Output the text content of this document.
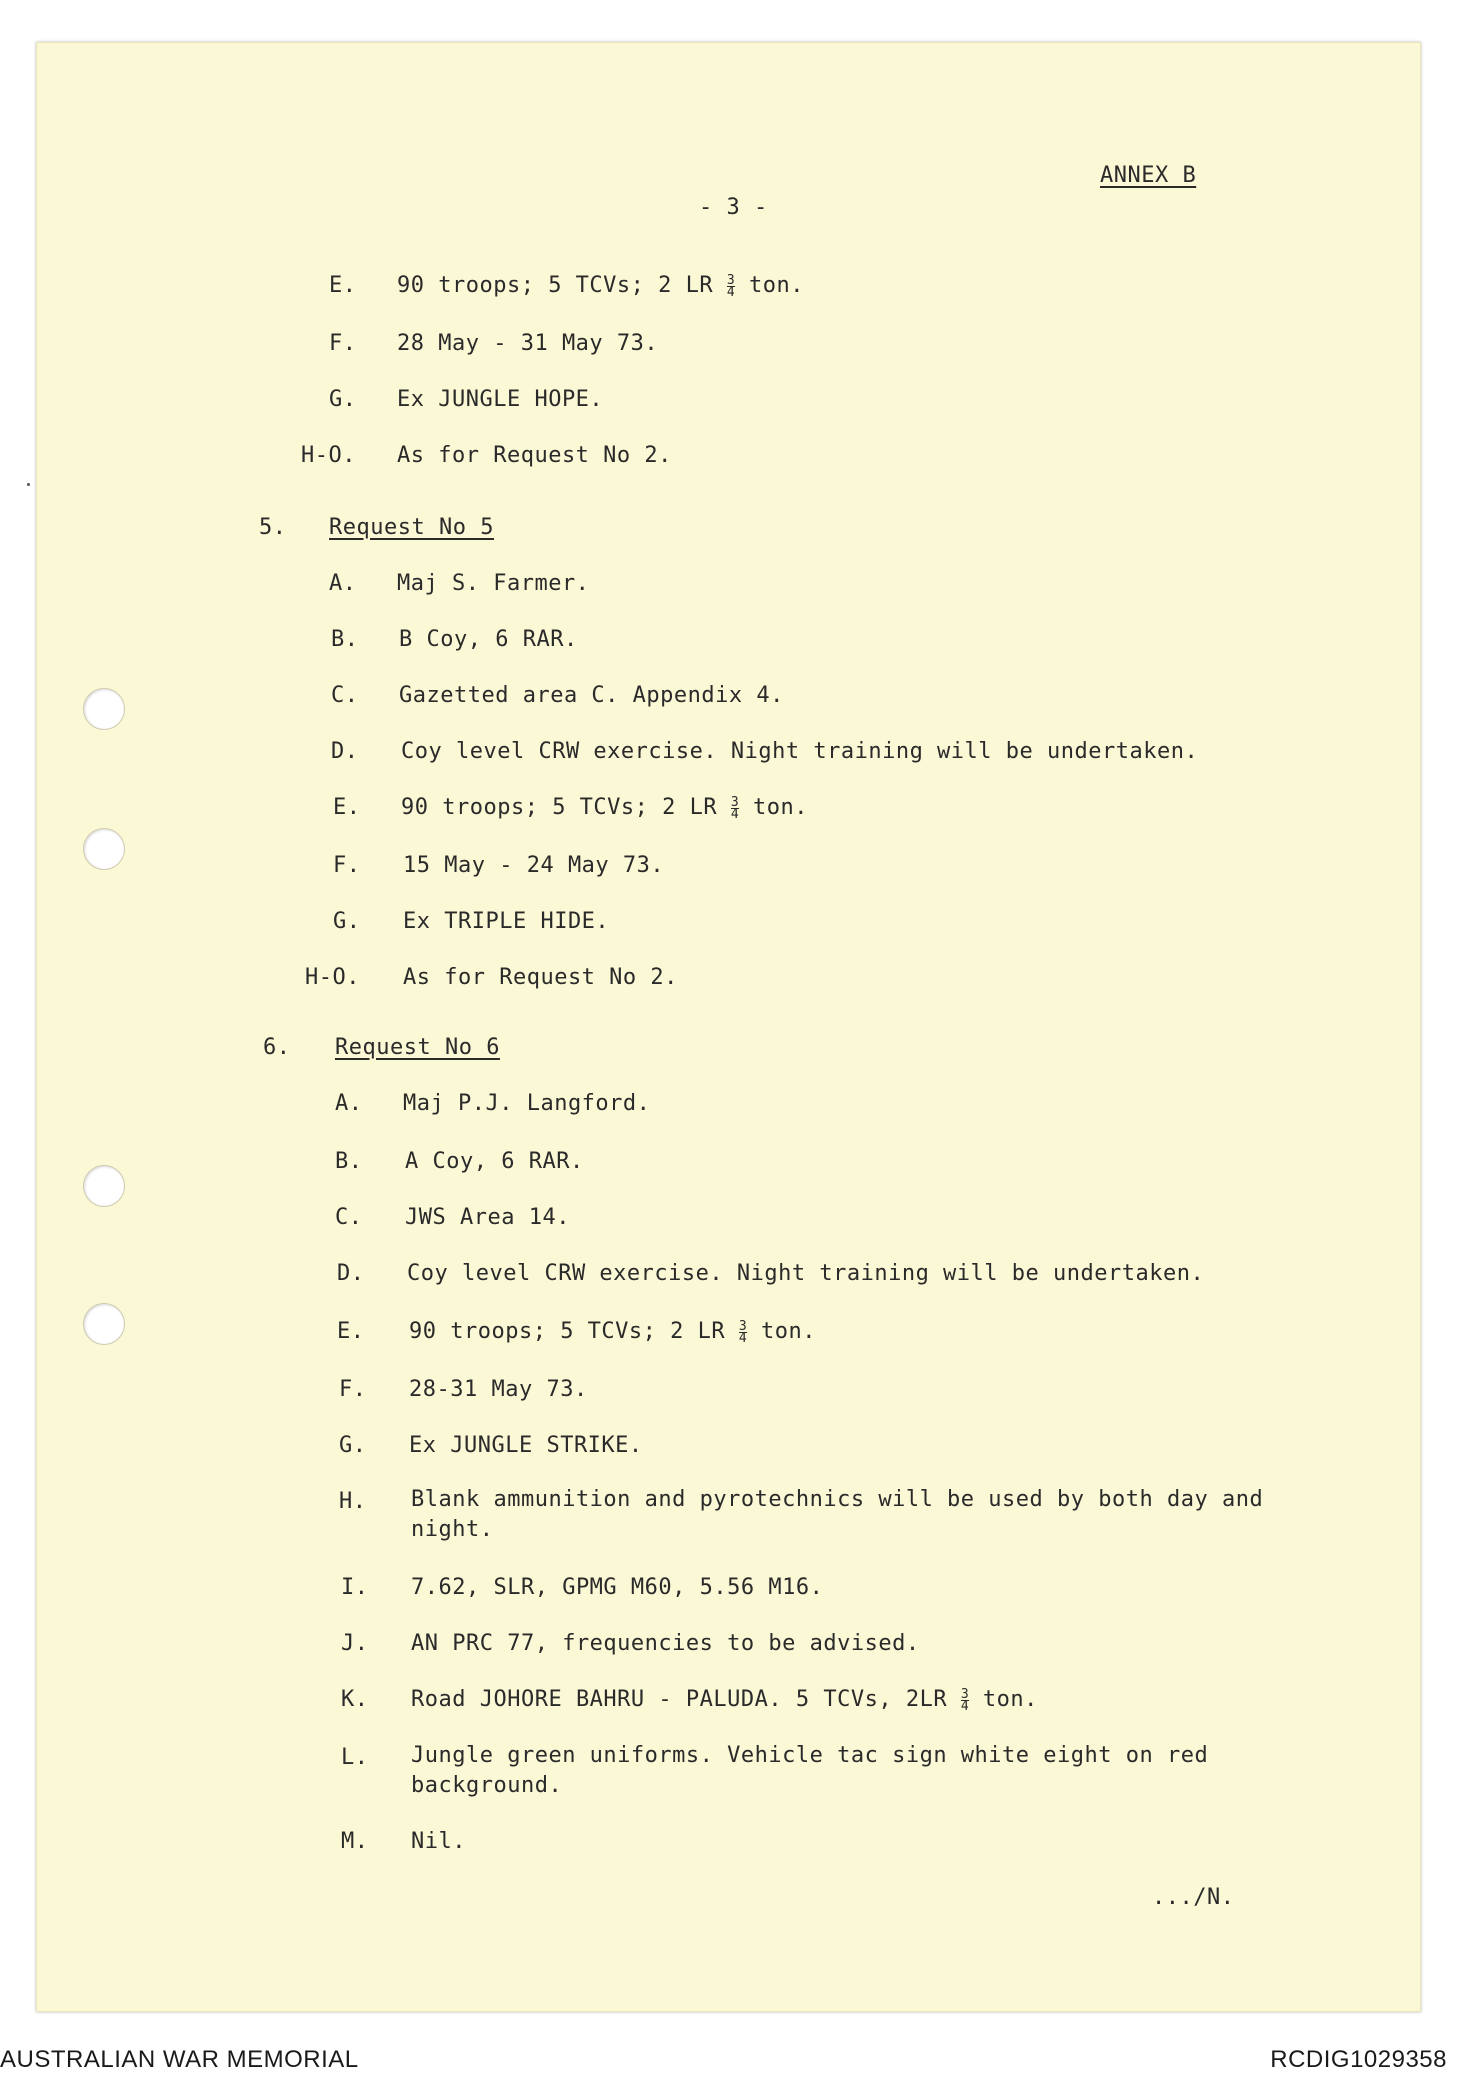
ANNEX B
- 3 -
E. 90 troops; 5 TCVs; 2 LR $\frac{3}{4}$ ton.
F. 28 May - 31 May 73.
G. Ex JUNGLE HOPE.
H-O. As for Request No 2.
5. Request No 5
A. Maj S. Farmer.
B. B Coy, 6 RAR.
C. Gazetted area C. Appendix 4.
D. Coy level CRW exercise. Night training will be undertaken.
E. 90 troops; 5 TCVs; 2 LR $\frac{3}{4}$ ton.
F. 15 May - 24 May 73.
G. Ex TRIPLE HIDE.
H-O. As for Request No 2.
6. Request No 6
A. Maj P.J. Langford.
B. A Coy, 6 RAR.
C. JWS Area 14.
D. Coy level CRW exercise. Night training will be undertaken.
E. 90 troops; 5 TCVs; 2 LR $\frac{3}{4}$ ton.
F. 28-31 May 73.
G. Ex JUNGLE STRIKE.
H. Blank ammunition and pyrotechnics will be used by both day and night.
I. 7.62, SLR, GPMG M60, 5.56 M16.
J. AN PRC 77, frequencies to be advised.
K. Road JOHORE BAHRU - PALUDA. 5 TCVs, $2LR \frac{3}{4}$ ton.
L. Jungle green uniforms. Vehicle tac sign white eight on red background.
M. Nil.
.../N.
AUSTRALIAN WAR MEMORIAL	RCDIG1029358
